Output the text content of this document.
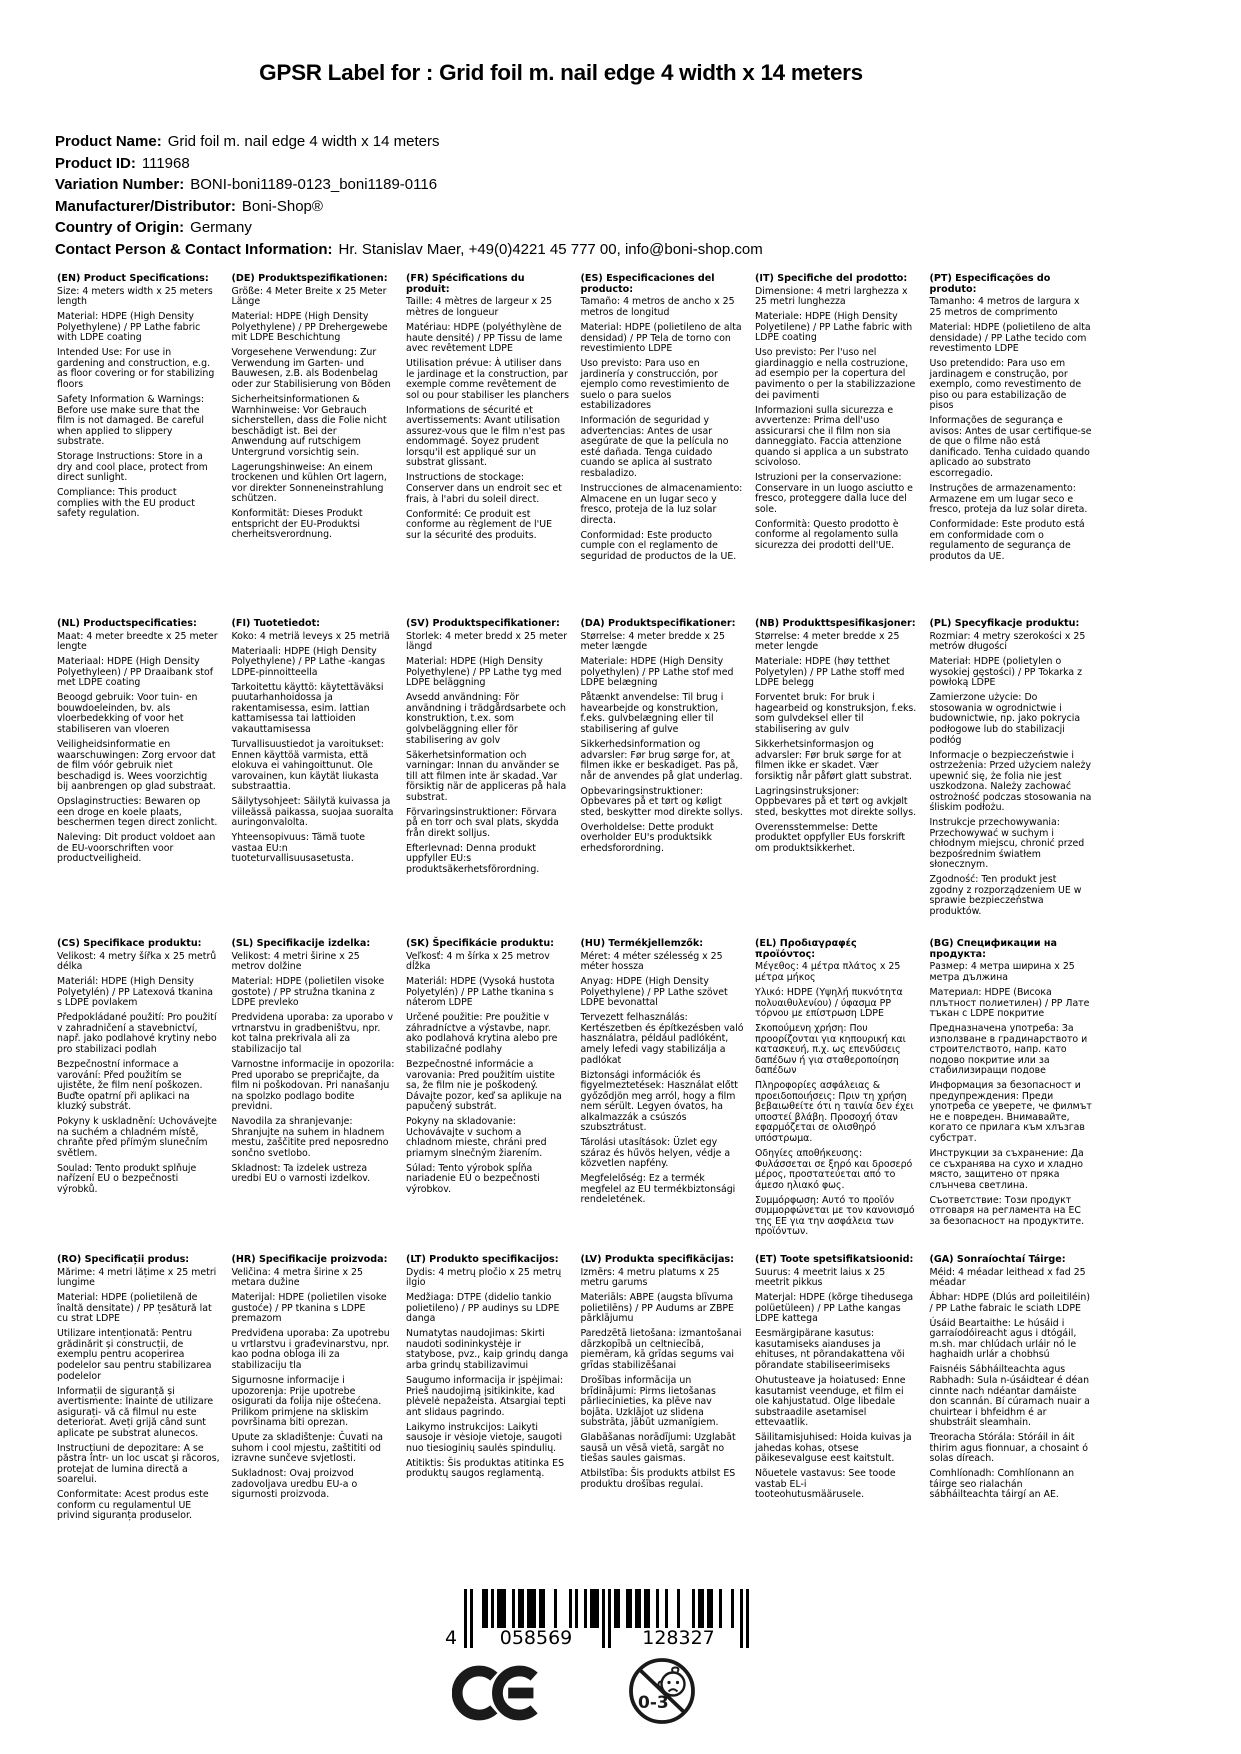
GPSR Label for : Grid foil m. nail edge 4 width x 14 meters
Product Name: Grid foil m. nail edge 4 width x 14 meters
Product ID: 111968
Variation Number: BONI-boni1189-0123_boni1189-0116
Manufacturer/Distributor: Boni-Shop®
Country of Origin: Germany
Contact Person & Contact Information: Hr. Stanislav Maer, +49(0)4221 45 777 00, info@boni-shop.com
(EN) Product Specifications:

Size: 4 meters width x 25 meters length

Material: HDPE (High Density Polyethylene) / PP Lathe fabric with LDPE coating

Intended Use: For use in gardening and construction, e.g. as floor covering or for stabilizing floors

Safety Information & Warnings: Before use make sure that the film is not damaged. Be careful when applied to slippery substrate.

Storage Instructions: Store in a dry and cool place, protect from direct sunlight.

Compliance: This product complies with the EU product safety regulation.

(DE) Produktspezifikationen:

Größe: 4 Meter Breite x 25 Meter Länge

Material: HDPE (High Density Polyethylene) / PP Drehergewebe mit LDPE Beschichtung

Vorgesehene Verwendung: Zur Verwendung im Garten- und Bauwesen, z.B. als Bodenbelag oder zur Stabilisierung von Böden

Sicherheitsinformationen & Warnhinweise: Vor Gebrauch sicherstellen, dass die Folie nicht beschädigt ist. Bei der Anwendung auf rutschigem Untergrund vorsichtig sein.

Lagerungshinweise: An einem trockenen und kühlen Ort lagern, vor direkter Sonneneinstrahlung schützen.

Konformität: Dieses Produkt entspricht der EU-Produktsi cherheitsverordnung.

(FR) Spécifications du produit:

Taille: 4 mètres de largeur x 25 mètres de longueur

Matériau: HDPE (polyéthylène de haute densité) / PP Tissu de lame avec revêtement LDPE

Utilisation prévue: À utiliser dans le jardinage et la construction, par exemple comme revêtement de sol ou pour stabiliser les planchers

Informations de sécurité et avertissements: Avant utilisation assurez-vous que le film n'est pas endommagé. Soyez prudent lorsqu'il est appliqué sur un substrat glissant.

Instructions de stockage: Conserver dans un endroit sec et frais, à l'abri du soleil direct.

Conformité: Ce produit est conforme au règlement de l'UE sur la sécurité des produits.

(ES) Especificaciones del producto:

Tamaño: 4 metros de ancho x 25 metros de longitud

Material: HDPE (polietileno de alta densidad) / PP Tela de torno con revestimiento LDPE

Uso previsto: Para uso en jardinería y construcción, por ejemplo como revestimiento de suelo o para suelos estabilizadores

Información de seguridad y advertencias: Antes de usar asegúrate de que la película no esté dañada. Tenga cuidado cuando se aplica al sustrato resbaladizo.

Instrucciones de almacenamiento: Almacene en un lugar seco y fresco, proteja de la luz solar directa.

Conformidad: Este producto cumple con el reglamento de seguridad de productos de la UE.

(IT) Specifiche del prodotto:

Dimensione: 4 metri larghezza x 25 metri lunghezza

Materiale: HDPE (High Density Polyetilene) / PP Lathe fabric with LDPE coating

Uso previsto: Per l'uso nel giardinaggio e nella costruzione, ad esempio per la copertura del pavimento o per la stabilizzazione dei pavimenti

Informazioni sulla sicurezza e avvertenze: Prima dell'uso assicurarsi che il film non sia danneggiato. Faccia attenzione quando si applica a un substrato scivoloso.

Istruzioni per la conservazione: Conservare in un luogo asciutto e fresco, proteggere dalla luce del sole.

Conformità: Questo prodotto è conforme al regolamento sulla sicurezza dei prodotti dell'UE.

(PT) Especificações do produto:

Tamanho: 4 metros de largura x 25 metros de comprimento

Material: HDPE (polietileno de alta densidade) / PP Lathe tecido com revestimento LDPE

Uso pretendido: Para uso em jardinagem e construção, por exemplo, como revestimento de piso ou para estabilização de pisos

Informações de segurança e avisos: Antes de usar certifique-se de que o filme não está danificado. Tenha cuidado quando aplicado ao substrato escorregadio.

Instruções de armazenamento: Armazene em um lugar seco e fresco, proteja da luz solar direta.

Conformidade: Este produto está em conformidade com o regulamento de segurança de produtos da UE.

(NL) Productspecificaties:

Maat: 4 meter breedte x 25 meter lengte

Materiaal: HDPE (High Density Polyethyleen) / PP Draaibank stof met LDPE coating

Beoogd gebruik: Voor tuin- en bouwdoeleinden, bv. als vloerbedekking of voor het stabiliseren van vloeren

Veiligheidsinformatie en waarschuwingen: Zorg ervoor dat de film vóór gebruik niet beschadigd is. Wees voorzichtig bij aanbrengen op glad substraat.

Opslaginstructies: Bewaren op een droge en koele plaats, beschermen tegen direct zonlicht.

Naleving: Dit product voldoet aan de EU-voorschriften voor productveiligheid.

(FI) Tuotetiedot:

Koko: 4 metriä leveys x 25 metriä

Materiaali: HDPE (High Density Polyethylene) / PP Lathe -kangas LDPE-pinnoitteella

Tarkoitettu käyttö: käytettäväksi puutarhanhoidossa ja rakentamisessa, esim. lattian kattamisessa tai lattioiden vakauttamisessa

Turvallisuustiedot ja varoitukset: Ennen käyttöä varmista, että elokuva ei vahingoittunut. Ole varovainen, kun käytät liukasta substraattia.

Säilytysohjeet: Säilytä kuivassa ja viileässä paikassa, suojaa suoralta auringonvalolta.

Yhteensopivuus: Tämä tuote vastaa EU:n tuoteturvallisuusasetusta.

(SV) Produktspecifikationer:

Storlek: 4 meter bredd x 25 meter längd

Material: HDPE (High Density Polyethylene) / PP Lathe tyg med LDPE beläggning

Avsedd användning: För användning i trädgårdsarbete och konstruktion, t.ex. som golvbeläggning eller för stabilisering av golv

Säkerhetsinformation och varningar: Innan du använder se till att filmen inte är skadad. Var försiktig när de appliceras på hala substrat.

Förvaringsinstruktioner: Förvara på en torr och sval plats, skydda från direkt solljus.

Efterlevnad: Denna produkt uppfyller EU:s produktsäkerhetsförordning.

(DA) Produktspecifikationer:

Størrelse: 4 meter bredde x 25 meter længde

Materiale: HDPE (High Density polyethylen) / PP Lathe stof med LDPE belægning

Påtænkt anvendelse: Til brug i havearbejde og konstruktion, f.eks. gulvbelægning eller til stabilisering af gulve

Sikkerhedsinformation og advarsler: Før brug sørge for, at filmen ikke er beskadiget. Pas på, når de anvendes på glat underlag.

Opbevaringsinstruktioner: Opbevares på et tørt og køligt sted, beskytter mod direkte sollys.

Overholdelse: Dette produkt overholder EU's produktsikk erhedsforordning.

(NB) Produkttspesifikasjoner:

Størrelse: 4 meter bredde x 25 meter lengde

Materiale: HDPE (høy tetthet Polyetylen) / PP Lathe stoff med LDPE belegg

Forventet bruk: For bruk i hagearbeid og konstruksjon, f.eks. som gulvdeksel eller til stabilisering av gulv

Sikkerhetsinformasjon og advarsler: Før bruk sørge for at filmen ikke er skadet. Vær forsiktig når påført glatt substrat.

Lagringsinstruksjoner: Oppbevares på et tørt og avkjølt sted, beskyttes mot direkte sollys.

Overensstemmelse: Dette produktet oppfyller EUs forskrift om produktsikkerhet.

(PL) Specyfikacje produktu:

Rozmiar: 4 metry szerokości x 25 metrów długości

Materiał: HDPE (polietylen o wysokiej gęstości) / PP Tokarka z powłoką LDPE

Zamierzone użycie: Do stosowania w ogrodnictwie i budownictwie, np. jako pokrycia podłogowe lub do stabilizacji podłóg

Informacje o bezpieczeństwie i ostrzeżenia: Przed użyciem należy upewnić się, że folia nie jest uszkodzona. Należy zachować ostrożność podczas stosowania na śliskim podłożu.

Instrukcje przechowywania: Przechowywać w suchym i chłodnym miejscu, chronić przed bezpośrednim światłem słonecznym.

Zgodność: Ten produkt jest zgodny z rozporządzeniem UE w sprawie bezpieczeństwa produktów.

(CS) Specifikace produktu:

Velikost: 4 metry šířka x 25 metrů délka

Materiál: HDPE (High Density Polyetylén) / PP Latexová tkanina s LDPE povlakem

Předpokládané použití: Pro použití v zahradničení a stavebnictví, např. jako podlahové krytiny nebo pro stabilizaci podlah

Bezpečnostní informace a varování: Před použitím se ujistěte, že film není poškozen. Buďte opatrní při aplikaci na kluzký substrát.

Pokyny k uskladnění: Uchovávejte na suchém a chladném místě, chraňte před přímým slunečním světlem.

Soulad: Tento produkt splňuje nařízení EU o bezpečnosti výrobků.

(SL) Specifikacije izdelka:

Velikost: 4 metri širine x 25 metrov dolžine

Material: HDPE (polietilen visoke gostote) / PP stružna tkanina z LDPE prevleko

Predvidena uporaba: za uporabo v vrtnarstvu in gradbeništvu, npr. kot talna prekrivala ali za stabilizacijo tal

Varnostne informacije in opozorila: Pred uporabo se prepričajte, da film ni poškodovan. Pri nanašanju na spolzko podlago bodite previdni.

Navodila za shranjevanje: Shranjujte na suhem in hladnem mestu, zaščitite pred neposredno sončno svetlobo.

Skladnost: Ta izdelek ustreza uredbi EU o varnosti izdelkov.

(SK) Špecifikácie produktu:

Veľkosť: 4 m šírka x 25 metrov dĺžka

Materiál: HDPE (Vysoká hustota Polyetylén) / PP Lathe tkanina s náterom LDPE

Určené použitie: Pre použitie v záhradníctve a výstavbe, napr. ako podlahová krytina alebo pre stabilizačné podlahy

Bezpečnostné informácie a varovania: Pred použitím uistite sa, že film nie je poškodený. Dávajte pozor, keď sa aplikuje na papučený substrát.

Pokyny na skladovanie: Uchovávajte v suchom a chladnom mieste, chráni pred priamym slnečným žiarením.

Súlad: Tento výrobok spĺňa nariadenie EÚ o bezpečnosti výrobkov.

(HU) Termékjellemzők:

Méret: 4 méter szélesség x 25 méter hossza

Anyag: HDPE (High Density Polyethylene) / PP Lathe szövet LDPE bevonattal

Tervezett felhasználás: Kertészetben és építkezésben való használatra, például padlóként, amely lefedi vagy stabilizálja a padlókat

Biztonsági információk és figyelmeztetések: Használat előtt győződjön meg arról, hogy a film nem sérült. Legyen óvatos, ha alkalmazzák a csúszós szubsztrátust.

Tárolási utasítások: Üzlet egy száraz és hűvös helyen, védje a közvetlen napfény.

Megfelelőség: Ez a termék megfelel az EU termékbiztonsági rendeletének.

(EL) Προδιαγραφές προϊόντος:

Μέγεθος: 4 μέτρα πλάτος x 25 μέτρα μήκος

Υλικό: HDPE (Υψηλή πυκνότητα πολυαιθυλενίου) / ύφασμα PP τόρνου με επίστρωση LDPE

Σκοπούμενη χρήση: Που προορίζονται για κηπουρική και κατασκευή, π.χ. ως επενδύσεις δαπέδων ή για σταθεροποίηση δαπέδων

Πληροφορίες ασφάλειας & προειδοποιήσεις: Πριν τη χρήση βεβαιωθείτε ότι η ταινία δεν έχει υποστεί βλάβη. Προσοχή όταν εφαρμόζεται σε ολισθηρό υπόστρωμα.

Οδηγίες αποθήκευσης: Φυλάσσεται σε ξηρό και δροσερό μέρος, προστατεύεται από το άμεσο ηλιακό φως.

Συμμόρφωση: Αυτό το προϊόν συμμορφώνεται με τον κανονισμό της ΕΕ για την ασφάλεια των προϊόντων.

(BG) Спецификации на продукта:

Размер: 4 метра ширина x 25 метра дължина

Материал: HDPE (Висока плътност полиетилен) / PP Лате тъкан с LDPE покритие

Предназначена употреба: За използване в градинарството и строителството, напр. като подово покритие или за стабилизиращи подове

Информация за безопасност и предупреждения: Преди употреба се уверете, че филмът не е повреден. Внимавайте, когато се прилага към хлъзгав субстрат.

Инструкции за съхранение: Да се съхранява на сухо и хладно място, защитено от пряка слънчева светлина.

Съответствие: Този продукт отговаря на регламента на ЕС за безопасност на продуктите.

(RO) Specificații produs:

Mărime: 4 metri lățime x 25 metri lungime

Material: HDPE (polietilenă de înaltă densitate) / PP țesătură lat cu strat LDPE

Utilizare intenționată: Pentru grădinărit și construcții, de exemplu pentru acoperirea podelelor sau pentru stabilizarea podelelor

Informații de siguranță și avertismente: Înainte de utilizare asigurați- vă că filmul nu este deteriorat. Aveți grijă când sunt aplicate pe substrat alunecos.

Instrucțiuni de depozitare: A se păstra într- un loc uscat și răcoros, protejat de lumina directă a soarelui.

Conformitate: Acest produs este conform cu regulamentul UE privind siguranța produselor.

(HR) Specifikacije proizvoda:

Veličina: 4 metra širine x 25 metara dužine

Materijal: HDPE (polietilen visoke gustoće) / PP tkanina s LDPE premazom

Predviđena uporaba: Za upotrebu u vrtlarstvu i građevinarstvu, npr. kao podna obloga ili za stabilizaciju tla

Sigurnosne informacije i upozorenja: Prije upotrebe osigurati da folija nije oštećena. Prilikom primjene na skliskim površinama biti oprezan.

Upute za skladištenje: Čuvati na suhom i cool mjestu, zaštititi od izravne sunčeve svjetlosti.

Sukladnost: Ovaj proizvod zadovoljava uredbu EU-a o sigurnosti proizvoda.

(LT) Produkto specifikacijos:

Dydis: 4 metrų pločio x 25 metrų ilgio

Medžiaga: DTPE (didelio tankio polietileno) / PP audinys su LDPE danga

Numatytas naudojimas: Skirti naudoti sodininkystėje ir statybose, pvz., kaip grindų danga arba grindų stabilizavimui

Saugumo informacija ir įspėjimai: Prieš naudojimą įsitikinkite, kad plėvelė nepažeista. Atsargiai tepti ant slidaus pagrindo.

Laikymo instrukcijos: Laikyti sausoje ir vėsioje vietoje, saugoti nuo tiesioginių saulės spindulių.

Atitiktis: Šis produktas atitinka ES produktų saugos reglamentą.

(LV) Produkta specifikācijas:

Izmērs: 4 metru platums x 25 metru garums

Materiāls: ABPE (augsta blīvuma polietilēns) / PP Audums ar ZBPE pārklājumu

Paredzētā lietošana: izmantošanai dārzkopībā un celtniecībā, piemēram, kā grīdas segums vai grīdas stabilizēšanai

Drošības informācija un brīdinājumi: Pirms lietošanas pārliecinieties, ka plēve nav bojāta. Uzklājot uz slidena substrāta, jābūt uzmanīgiem.

Glabāšanas norādījumi: Uzglabāt sausā un vēsā vietā, sargāt no tiešas saules gaismas.

Atbilstība: Šis produkts atbilst ES produktu drošības regulai.

(ET) Toote spetsifikatsioonid:

Suurus: 4 meetrit laius x 25 meetrit pikkus

Materjal: HDPE (kõrge tihedusega polüetüleen) / PP Lathe kangas LDPE kattega

Eesmärgipärane kasutus: kasutamiseks aianduses ja ehituses, nt põrandakattena või põrandate stabiliseerimiseks

Ohutusteave ja hoiatused: Enne kasutamist veenduge, et film ei ole kahjustatud. Olge libedale substraadile asetamisel ettevaatlik.

Säilitamisjuhised: Hoida kuivas ja jahedas kohas, otsese päikesevalguse eest kaitstult.

Nõuetele vastavus: See toode vastab EL-i tooteohutusmäärusele.

(GA) Sonraíochtaí Táirge:

Méid: 4 méadar leithead x fad 25 méadar

Ábhar: HDPE (Dlús ard poileitiléin) / PP Lathe fabraic le sciath LDPE

Úsáid Beartaithe: Le húsáid i garraíodóireacht agus i dtógáil, m.sh. mar chlúdach urláir nó le haghaidh urlár a chobhsú

Faisnéis Sábháilteachta agus Rabhadh: Sula n-úsáidtear é déan cinnte nach ndéantar damáiste don scannán. Bí cúramach nuair a chuirtear i bhfeidhm é ar shubstráit sleamhain.

Treoracha Stórála: Stóráil in áit thirim agus fionnuar, a chosaint ó solas díreach.

Comhlíonadh: Comhlíonann an táirge seo rialachán sábháilteachta táirgí an AE.

4 058569	128327
0-3
